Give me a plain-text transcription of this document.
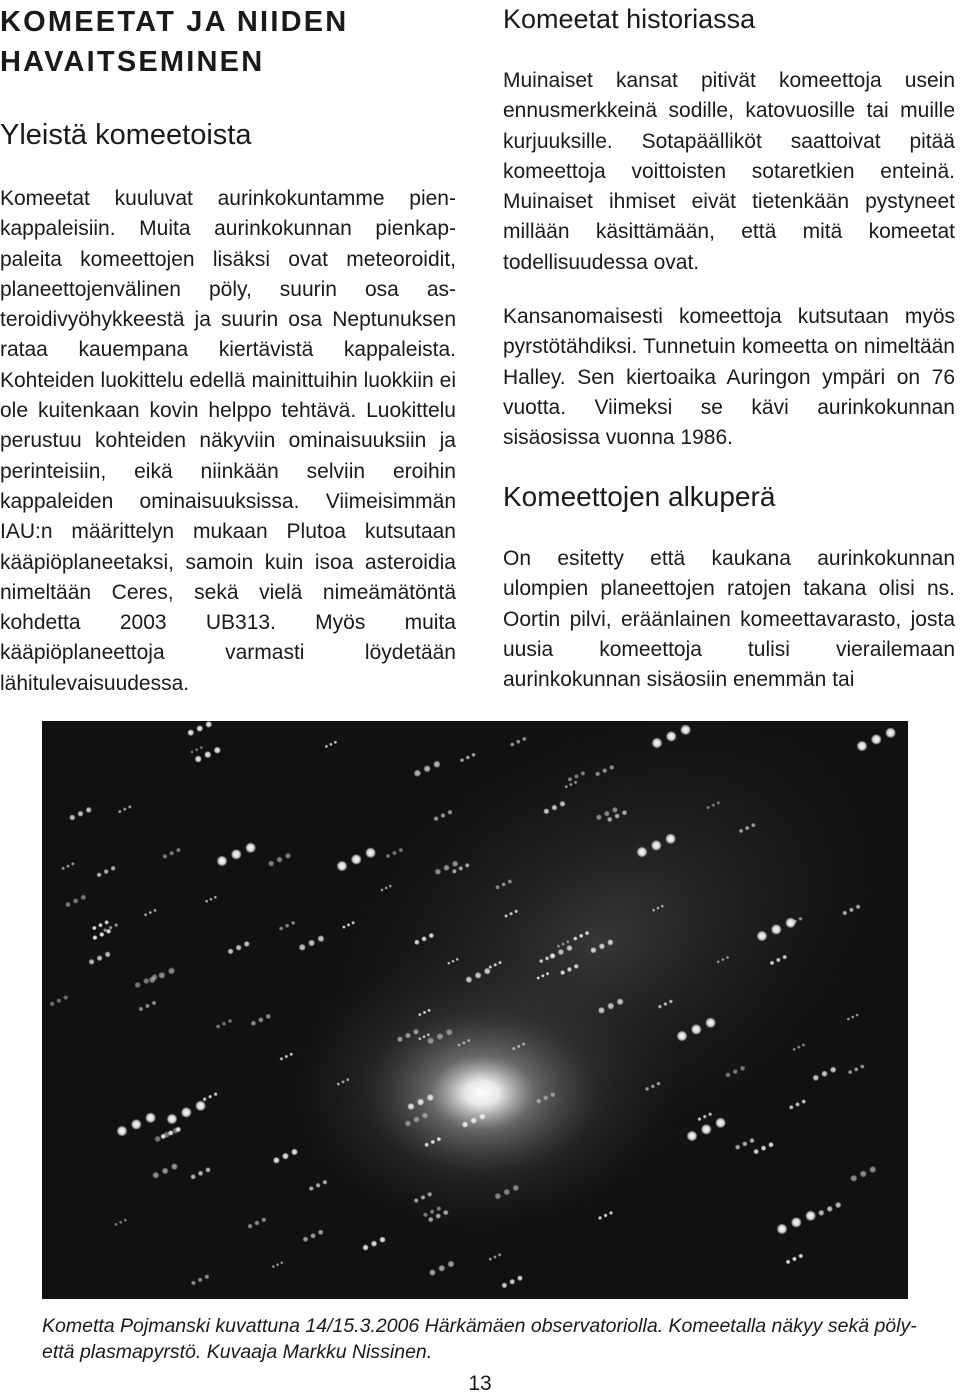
KOMEETAT JA NIIDEN HAVAITSEMINEN
Yleistä komeetoista

Komeetat kuuluvat aurinkokuntamme pienkappaleisiin. Muita aurinkokunnan pienkappaleita komeettojen lisäksi ovat meteoroidit, planeettojenvälinen pöly, suurin osa asteroidivyöhykkeestä ja suurin osa Neptunuksen rataa kauempana kiertävistä kappaleista. Kohteiden luokittelu edellä mainittuihin luokkiin ei ole kuitenkaan kovin helppo tehtävä. Luokittelu perustuu kohteiden näkyviin ominaisuuksiin ja perinteisiin, eikä niinkään selviin eroihin kappaleiden ominaisuuksissa. Viimeisimmän IAU:n määrittelyn mukaan Plutoa kutsutaan kääpiöplaneetaksi, samoin kuin isoa asteroidia nimeltään Ceres, sekä vielä nimeämätöntä kohdetta 2003 UB313. Myös muita kääpiöplaneettoja varmasti löydetään lähitulevaisuudessa.

Komeetat historiassa

Muinaiset kansat pitivät komeettoja usein ennusmerkkeinä sodille, katovuosille tai muille kurjuuksille. Sotapäälliköt saattoivat pitää komeettoja voittoisten sotaretkien enteinä. Muinaiset ihmiset eivät tietenkään pystyneet millään käsittämään, että mitä komeetat todellisuudessa ovat.

Kansanomaisesti komeettoja kutsutaan myös pyrstötähdiksi. Tunnetuin komeetta on nimeltään Halley. Sen kiertoaika Auringon ympäri on 76 vuotta. Viimeksi se kävi aurinkokunnan sisäosissa vuonna 1986.

Komeettojen alkuperä

On esitetty että kaukana aurinkokunnan ulompien planeettojen ratojen takana olisi ns. Oortin pilvi, eräänlainen komeettavarasto, josta uusia komeettoja tulisi vierailemaan aurinkokunnan sisäosiin enemmän tai

Kometta Pojmanski kuvattuna 14/15.3.2006 Härkämäen observatoriolla. Komeetalla näkyy sekä pöly- että plasmapyrstö. Kuvaaja Markku Nissinen.

13
